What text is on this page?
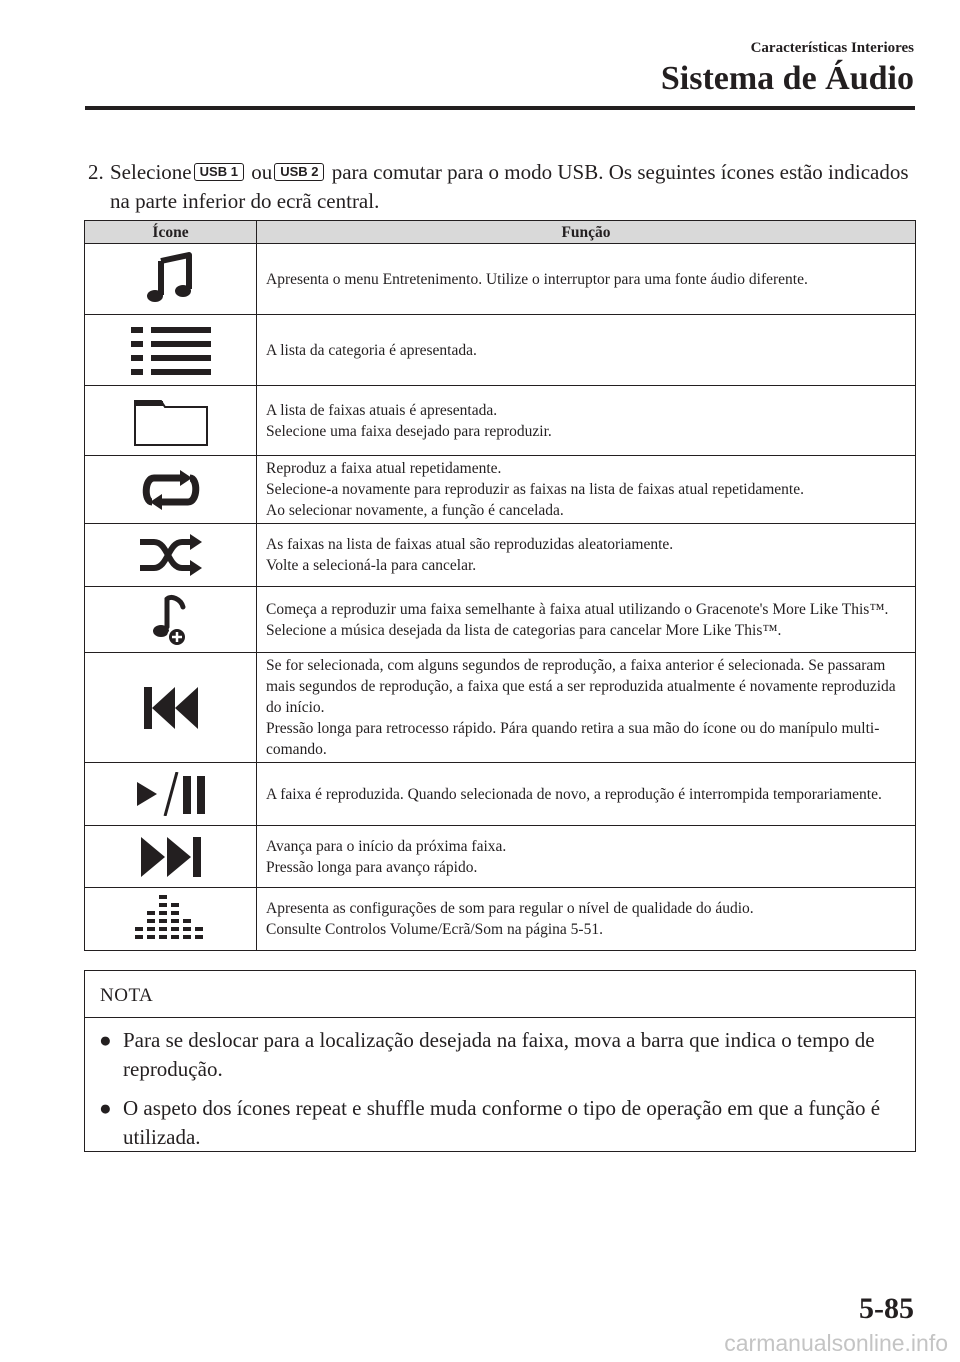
Características Interiores
Sistema de Áudio
2. Selecione USB 1 ou USB 2 para comutar para o modo USB. Os seguintes ícones estão indicados na parte inferior do ecrã central.
Ícone	Função

Apresenta o menu Entretenimento. Utilize o interruptor para uma fonte áudio diferente.

A lista da categoria é apresentada.

A lista de faixas atuais é apresentada.
Selecione uma faixa desejado para reproduzir.

Reproduz a faixa atual repetidamente.
Selecione-a novamente para reproduzir as faixas na lista de faixas atual repetidamente.
Ao selecionar novamente, a função é cancelada.

As faixas na lista de faixas atual são reproduzidas aleatoriamente.
Volte a selecioná-la para cancelar.

Começa a reproduzir uma faixa semelhante à faixa atual utilizando o Gracenote's More Like This™.
Selecione a música desejada da lista de categorias para cancelar More Like This™.

Se for selecionada, com alguns segundos de reprodução, a faixa anterior é selecionada. Se passaram mais segundos de reprodução, a faixa que está a ser reproduzida atualmente é novamente reproduzida do início.
Pressão longa para retrocesso rápido. Pára quando retira a sua mão do ícone ou do manípulo multi-comando.

A faixa é reproduzida. Quando selecionada de novo, a reprodução é interrompida temporariamente.

Avança para o início da próxima faixa.
Pressão longa para avanço rápido.

Apresenta as configurações de som para regular o nível de qualidade do áudio.
Consulte Controlos Volume/Ecrã/Som na página 5-51.
NOTA
● Para se deslocar para a localização desejada na faixa, mova a barra que indica o tempo de reprodução.
● O aspeto dos ícones repeat e shuffle muda conforme o tipo de operação em que a função é utilizada.
5-85
carmanualsonline.info
